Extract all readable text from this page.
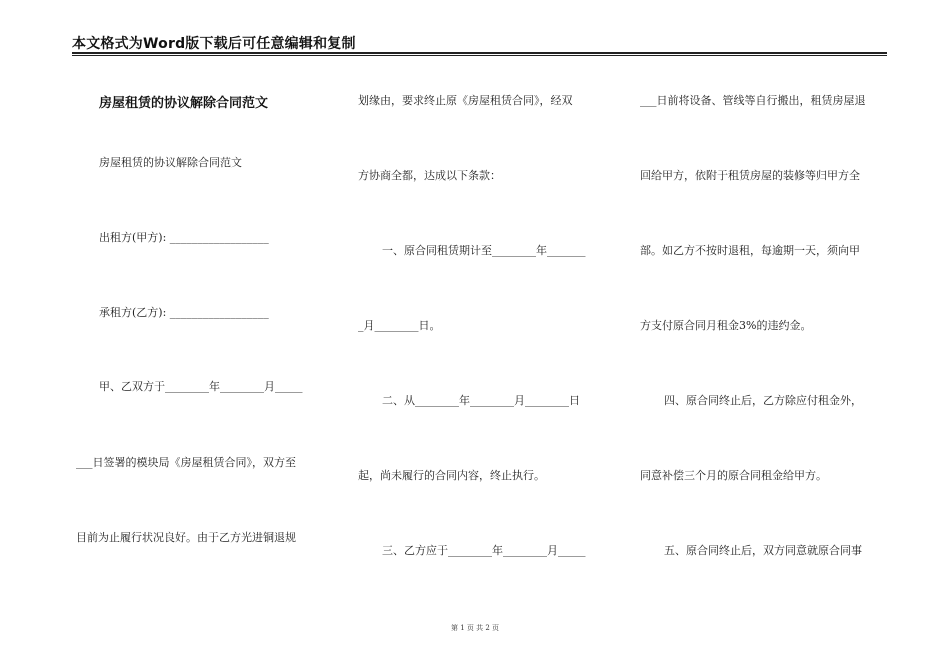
本文格式为Word版下载后可任意编辑和复制
房屋租赁的协议解除合同范文
房屋租赁的协议解除合同范文
出租方(甲方): __________________
承租方(乙方): __________________
甲、乙双方于________年________月_____
___日签署的模块局《房屋租赁合同》，双方至
目前为止履行状况良好。由于乙方光进铜退规
划缘由，要求终止原《房屋租赁合同》，经双
方协商全都，达成以下条款：
一、原合同租赁期计至________年_______
_月________日。
二、从________年________月________日
起，尚未履行的合同内容，终止执行。
三、乙方应于________年________月_____
___日前将设备、管线等自行搬出，租赁房屋退
回给甲方，依附于租赁房屋的装修等归甲方全
部。如乙方不按时退租，每逾期一天，须向甲
方支付原合同月租金3%的违约金。
四、原合同终止后，乙方除应付租金外，
同意补偿三个月的原合同租金给甲方。
五、原合同终止后，双方同意就原合同事
第 1 页 共 2 页
